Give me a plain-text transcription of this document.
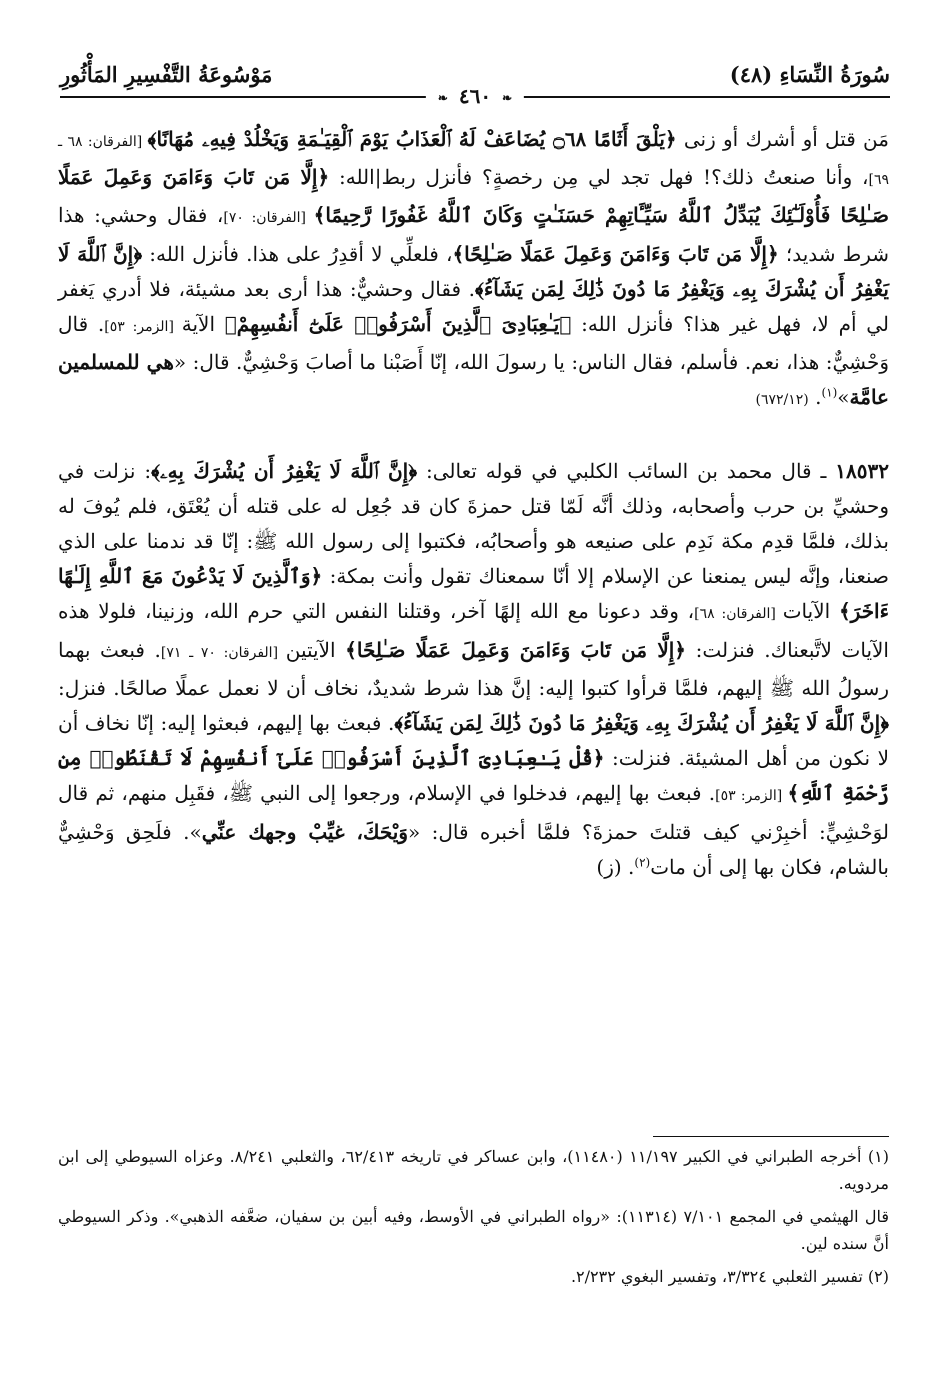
سُورَةُ النِّسَاءِ (٤٨)
مَوْسُوعَةُ التَّفْسِيرِ المَأْثُورِ
❧ ٤٦٠ ❧

مَن قتل أو أشرك أو زنى ﴿يَلْقَ أَثَامًا ۝٦٨ يُضَاعَفْ لَهُ ٱلْعَذَابُ يَوْمَ ٱلْقِيَـٰمَةِ وَيَخْلُدْ فِيهِۦ مُهَانًا﴾ [الفرقان: ٦٨ ـ ٦٩]، وأنا صنعتُ ذلك؟! فهل تجد لي مِن رخصةٍ؟ فأنزل ربط|الله: ﴿إِلَّا مَن تَابَ وَءَامَنَ وَعَمِلَ عَمَلًا صَـٰلِحًا فَأُوْلَـٰٓئِكَ يُبَدِّلُ ٱللَّهُ سَيِّـَٔاتِهِمْ حَسَنَـٰتٍ وَكَانَ ٱللَّهُ غَفُورًا رَّحِيمًا﴾ [الفرقان: ٧٠]، فقال وحشي: هذا شرط شديد؛ ﴿إِلَّا مَن تَابَ وَءَامَنَ وَعَمِلَ عَمَلًا صَـٰلِحًا﴾، فلعلِّي لا أقدِرُ على هذا. فأنزل الله: ﴿إِنَّ ٱللَّهَ لَا يَغْفِرُ أَن يُشْرَكَ بِهِۦ وَيَغْفِرُ مَا دُونَ ذَٰلِكَ لِمَن يَشَآءُ﴾. فقال وحشيٌّ: هذا أرى بعد مشيئة، فلا أدري يَغفر لي أم لا، فهل غير هذا؟ فأنزل الله: ﴿يَـٰعِبَادِىَ ٱلَّذِينَ أَسْرَفُوا۟ عَلَىٰٓ أَنفُسِهِمْ﴾ الآية [الزمر: ٥٣]. قال وَحْشِيٌّ: هذا، نعم. فأسلم، فقال الناس: يا رسولَ الله، إنّا أَصَبْنا ما أصابَ وَحْشِيٌّ. قال: «هي للمسلمين عامَّة»$^{(١)}$. (٦٧٢/١٢)

١٨٥٣٢ ـ قال محمد بن السائب الكلبي في قوله تعالى: ﴿إِنَّ ٱللَّهَ لَا يَغْفِرُ أَن يُشْرَكَ بِهِۦ﴾: نزلت في وحشيِّ بن حرب وأصحابه، وذلك أنَّه لَمّا قتل حمزةَ كان قد جُعِل له على قتله أن يُعْتَق، فلم يُوفَ له بذلك، فلمَّا قدِم مكة نَدِم على صنيعه هو وأصحابُه، فكتبوا إلى رسول الله ﷺ: إنّا قد ندمنا على الذي صنعنا، وإنَّه ليس يمنعنا عن الإسلام إلا أنّا سمعناك تقول وأنت بمكة: ﴿وَٱلَّذِينَ لَا يَدْعُونَ مَعَ ٱللَّهِ إِلَـٰهًا ءَاخَرَ﴾ الآيات [الفرقان: ٦٨]، وقد دعونا مع الله إلهًا آخر، وقتلنا النفس التي حرم الله، وزنينا، فلولا هذه الآيات لاتَّبعناك. فنزلت: ﴿إِلَّا مَن تَابَ وَءَامَنَ وَعَمِلَ عَمَلًا صَـٰلِحًا﴾ الآيتين [الفرقان: ٧٠ ـ ٧١]. فبعث بهما رسولُ الله ﷺ إليهم، فلمَّا قرأوا كتبوا إليه: إنَّ هذا شرط شديدٌ، نخاف أن لا نعمل عملًا صالحًا. فنزل: ﴿إِنَّ ٱللَّهَ لَا يَغْفِرُ أَن يُشْرَكَ بِهِۦ وَيَغْفِرُ مَا دُونَ ذَٰلِكَ لِمَن يَشَآءُ﴾. فبعث بها إليهم، فبعثوا إليه: إنّا نخاف أن لا نكون من أهل المشيئة. فنزلت: ﴿قُلْ يَـٰعِبَادِىَ ٱلَّذِينَ أَسْرَفُوا۟ عَلَىٰٓ أَنفُسِهِمْ لَا تَقْنَطُوا۟ مِن رَّحْمَةِ ٱللَّهِ﴾ [الزمر: ٥٣]. فبعث بها إليهم، فدخلوا في الإسلام، ورجعوا إلى النبي ﷺ، فقَبِل منهم، ثم قال لوَحْشِيٍّ: أخبِرْني كيف قتلتَ حمزةَ؟ فلمَّا أخبره قال: «وَيْحَكَ، غيِّبْ وجهك عنِّي». فلَحِق وَحْشِيٌّ بالشام، فكان بها إلى أن مات$^{(٢)}$. (ز)

(١) أخرجه الطبراني في الكبير ١١/١٩٧ (١١٤٨٠)، وابن عساكر في تاريخه ٦٢/٤١٣، والثعلبي ٨/٢٤١. وعزاه السيوطي إلى ابن مردويه.

قال الهيثمي في المجمع ٧/١٠١ (١١٣١٤): «رواه الطبراني في الأوسط، وفيه أبين بن سفيان، ضعَّفه الذهبي». وذكر السيوطي أنَّ سنده لين.

(٢) تفسير الثعلبي ٣/٣٢٤، وتفسير البغوي ٢/٢٣٢.
